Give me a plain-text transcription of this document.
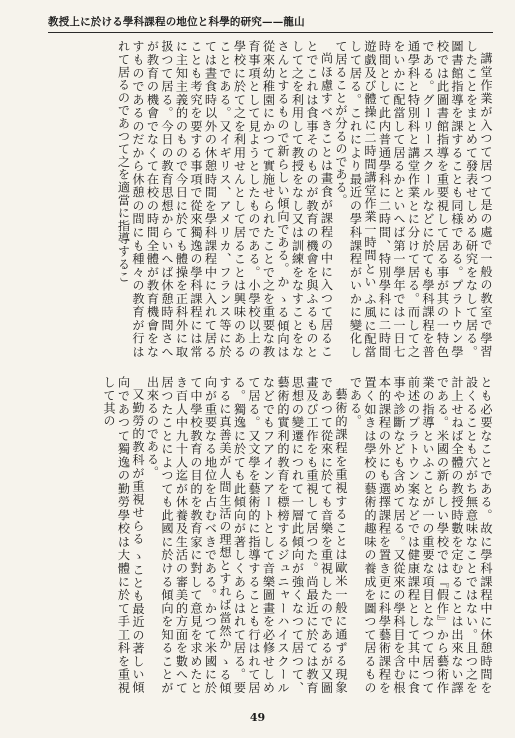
教授上に於ける學科課程の地位と科學的研究——龍山

講堂作業が入つて居つて是の處で一般の教室で學習したことをまとめて發表せしめる研究をなして居る。圖書館指導を課することも同様である。プラトウン學校では此圖書館指導を重要視して居る事が其の一特色である。グーリースクールなどに於ても學科課程を普通學科と特別科と講堂作業とに分けて居る。而して之をいかに配當して居るかといへば第一學年では一日七時間として此内普通學科に二時間、特別學科に二時間遊戯及び體操に二時間講堂作業一時間とい ふ風に配當して居る。これにより最近の學科課程がいかに變化して居ることが分るのである。

尚ほ慮すべきことは畫食が課程の中に入つて居ることでこれは食事そのものが教育の機會を與ふるものとして之を利用して教授をなし又は訓練をなすことをなさんとするもので新らしい傾向である。か ゝる傾向は從來幼稚園にかつて實施せられたことで之を重要な教育事項として見ようとしたものである。小學校以上の學校に於て之を利用せんとして居ることは興味のあることである。又イギリス、アメリカ、フランス等に於ては晝食時以外の休憩時間を學科課程中に入れて居ることも考究を要する事項で從來獨逸の學科課程には常に主知主義的のもので今日に於ても體操を正科外に取扱つて居る。今日の教育思想からいへば休憩時間さへが教育の機會でなくて在校の時間全體が教育機會をなすものであるのだから休憩の間にも種々の教育が行はれて居るのであつて之を適當に指導するこ

とも必要なことである。故に學科課程中に休憩時間を設くることも穴がち無意味なことではない。且つ之を計上せねば全體の教授時數を定むることは出來ない譯である。米國の新らしい學校では『假作』から藝術作業の指導といふことが一の重要な項目となつて居つて前述のプラトウン案などでは健康課程として其中に食事や診斷なども含めて居る。又從來の學科目を含む根本的課程の外にも選擇課程を置き更に科學藝術課程を置く如きは學校の藝術的趣味の養成を圖つて居るものである。

藝術的課程を重視することは歐米一般に通ずる現象であつて從來に於ても音樂を重視したのであるが又圖畫及び工作をも重視して居つた。尚最近に於ては教育思想の變遷につれて一層此傾向が強くなつて居つて、藝術的實利的教育を標榜するジュニャーハイスクールなどでもフアインアートとして音樂圖畫を必修せしめて居る。又文學を藝術的に指導することも行はれて居る。獨逸に於ても此傾向が著しくあらはれて居る。要するに真善美が人間生活の理想とすれば當然か ゝる傾向が重要なる地位を占むべきである。かつて米國に於て中學校教育の目的を教育家に對して意見を求めたとき百人中九十人迄が休養及生活の審美的方面を數へて居つたことによつても此國に於ける傾向を知ることが出來るのである。

又勤勞的教科が重視せらる ゝことも最近の著しい傾向であつて獨逸の勤勞學校は大體に於て手工科を重視して其の

49
